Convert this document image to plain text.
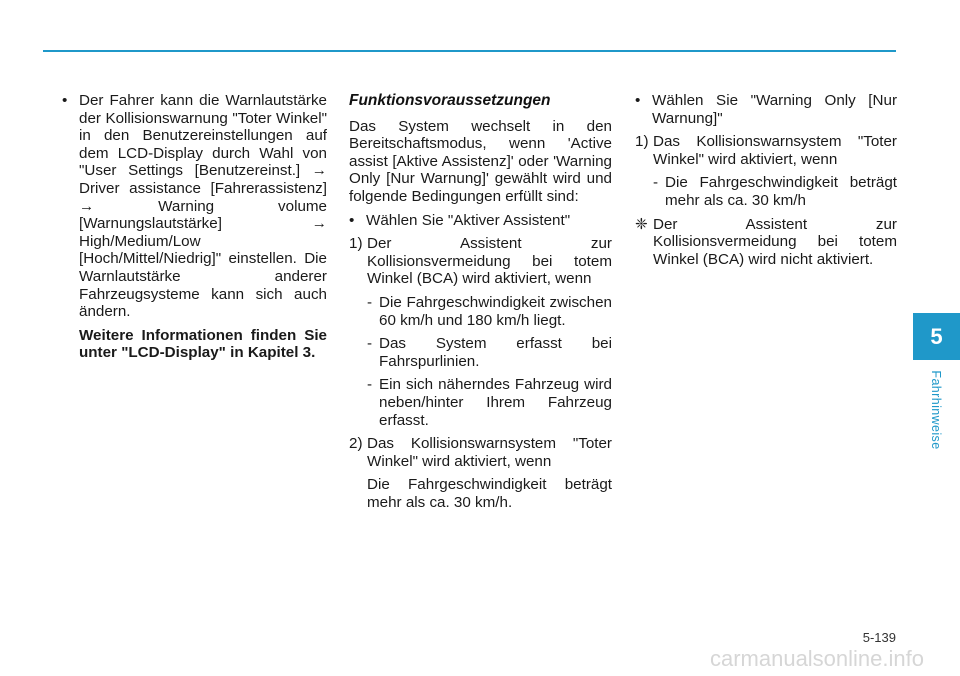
• Der Fahrer kann die Warnlautstärke der Kollisionswarnung "Toter Winkel" in den Benutzereinstellungen auf dem LCD-Display durch Wahl von "User Settings [Benutzereinst.] → Driver assistance [Fahrerassistenz] → Warning volume [Warnungslautstärke] → High/Medium/Low [Hoch/Mittel/Niedrig]" einstellen. Die Warnlautstärke anderer Fahrzeugsysteme kann sich auch ändern.

Weitere Informationen finden Sie unter "LCD-Display" in Kapitel 3.

Funktionsvoraussetzungen

Das System wechselt in den Bereitschaftsmodus, wenn 'Active assist [Aktive Assistenz]' oder 'Warning Only [Nur Warnung]' gewählt wird und folgende Bedingungen erfüllt sind:

• Wählen Sie "Aktiver Assistent"
1) Der Assistent zur Kollisionsvermeidung bei totem Winkel (BCA) wird aktiviert, wenn
- Die Fahrgeschwindigkeit zwischen 60 km/h und 180 km/h liegt.
- Das System erfasst bei Fahrspurlinien.
- Ein sich näherndes Fahrzeug wird neben/hinter Ihrem Fahrzeug erfasst.
2) Das Kollisionswarnsystem "Toter Winkel" wird aktiviert, wenn

Die Fahrgeschwindigkeit beträgt mehr als ca. 30 km/h.

• Wählen Sie "Warning Only [Nur Warnung]"
1) Das Kollisionswarnsystem "Toter Winkel" wird aktiviert, wenn
- Die Fahrgeschwindigkeit beträgt mehr als ca. 30 km/h
❈ Der Assistent zur Kollisionsvermeidung bei totem Winkel (BCA) wird nicht aktiviert.
5
Fahrhinweise
5-139
carmanualsonline.info
